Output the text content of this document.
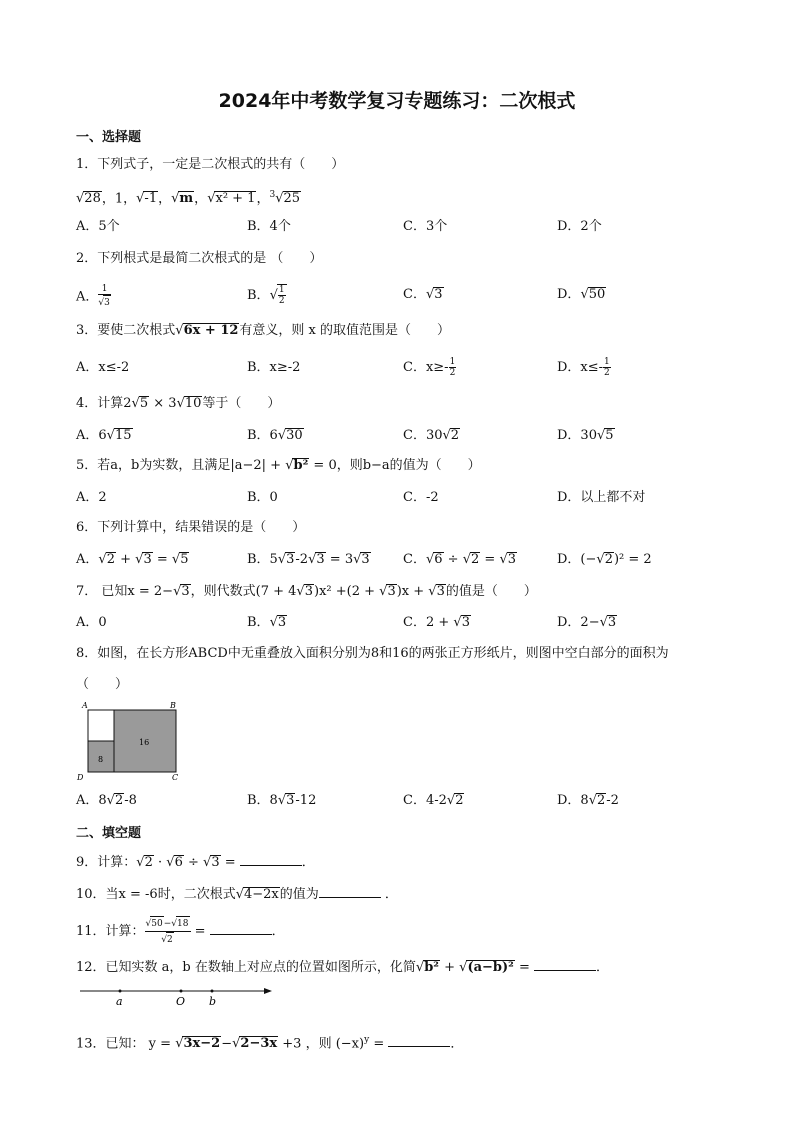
2024年中考数学复习专题练习：二次根式
一、选择题
1．下列式子，一定是二次根式的共有（　　）
√ 28，1， √ -1， √ m， √ x² + 1，$^3$ √ 25
A．5个	B．4个	C．3个	D．2个
2．下列根式是最简二次根式的是 （　　）
A． 1
√ 3	B． √ $\frac{1}{2}$	C． √ 3	D． √ 50
3．要使二次根式 √ 6x + 12有意义，则 x 的取值范围是（　　）
A．x≤-2	B．x≥-2	C．$x\ge- \frac{1}{2}$	D．$x\le- \frac{1}{2}$
4．计算2 √ 5 × 3 √ 10等于（　　）
A．6 √ 15	B．6 √ 30	C．30 √ 2	D．30 √ 5
5．若a，b为实数，且满足|a−2| + √ b² = 0，则b−a的值为（　　）
A．2	B．0	C．-2	D．以上都不对
6．下列计算中，结果错误的是（　　）
A． √ 2 + √ 3 = √ 5	B．5 √ 3-2 √ 3 = 3 √ 3	C． √ 6 ÷ √ 2 = √ 3	D．(− √ 2)² = 2
7． 已知x = 2− √ 3，则代数式(7 + 4 √ 3)x² +(2 + √ 3)x + √ 3的值是（　　）
A．0	B． √ 3	C．2 + √ 3	D．2− √ 3
8．如图，在长方形ABCD中无重叠放入面积分别为8和16的两张正方形纸片，则图中空白部分的面积为
（　　）
A	B
C
D
8
16
A．8 √ 2-8	B．8 √ 3-12	C．4-2 √ 2	D．8 √ 2-2
二、填空题
9．计算： √ 2 · √ 6 ÷ √ 3 =	．
10．当x = -6时，二次根式 √ 4−2x的值为	．
11．计算： √ 50− √ 18
√ 2 =	．
12．已知实数 a，b 在数轴上对应点的位置如图所示，化简 √ b² + √ (a−b)² =	．
a	O b
13．已知： y = √ 3x−2− √ 2−3x +3 ，则 $(-x)^y$ =	．
